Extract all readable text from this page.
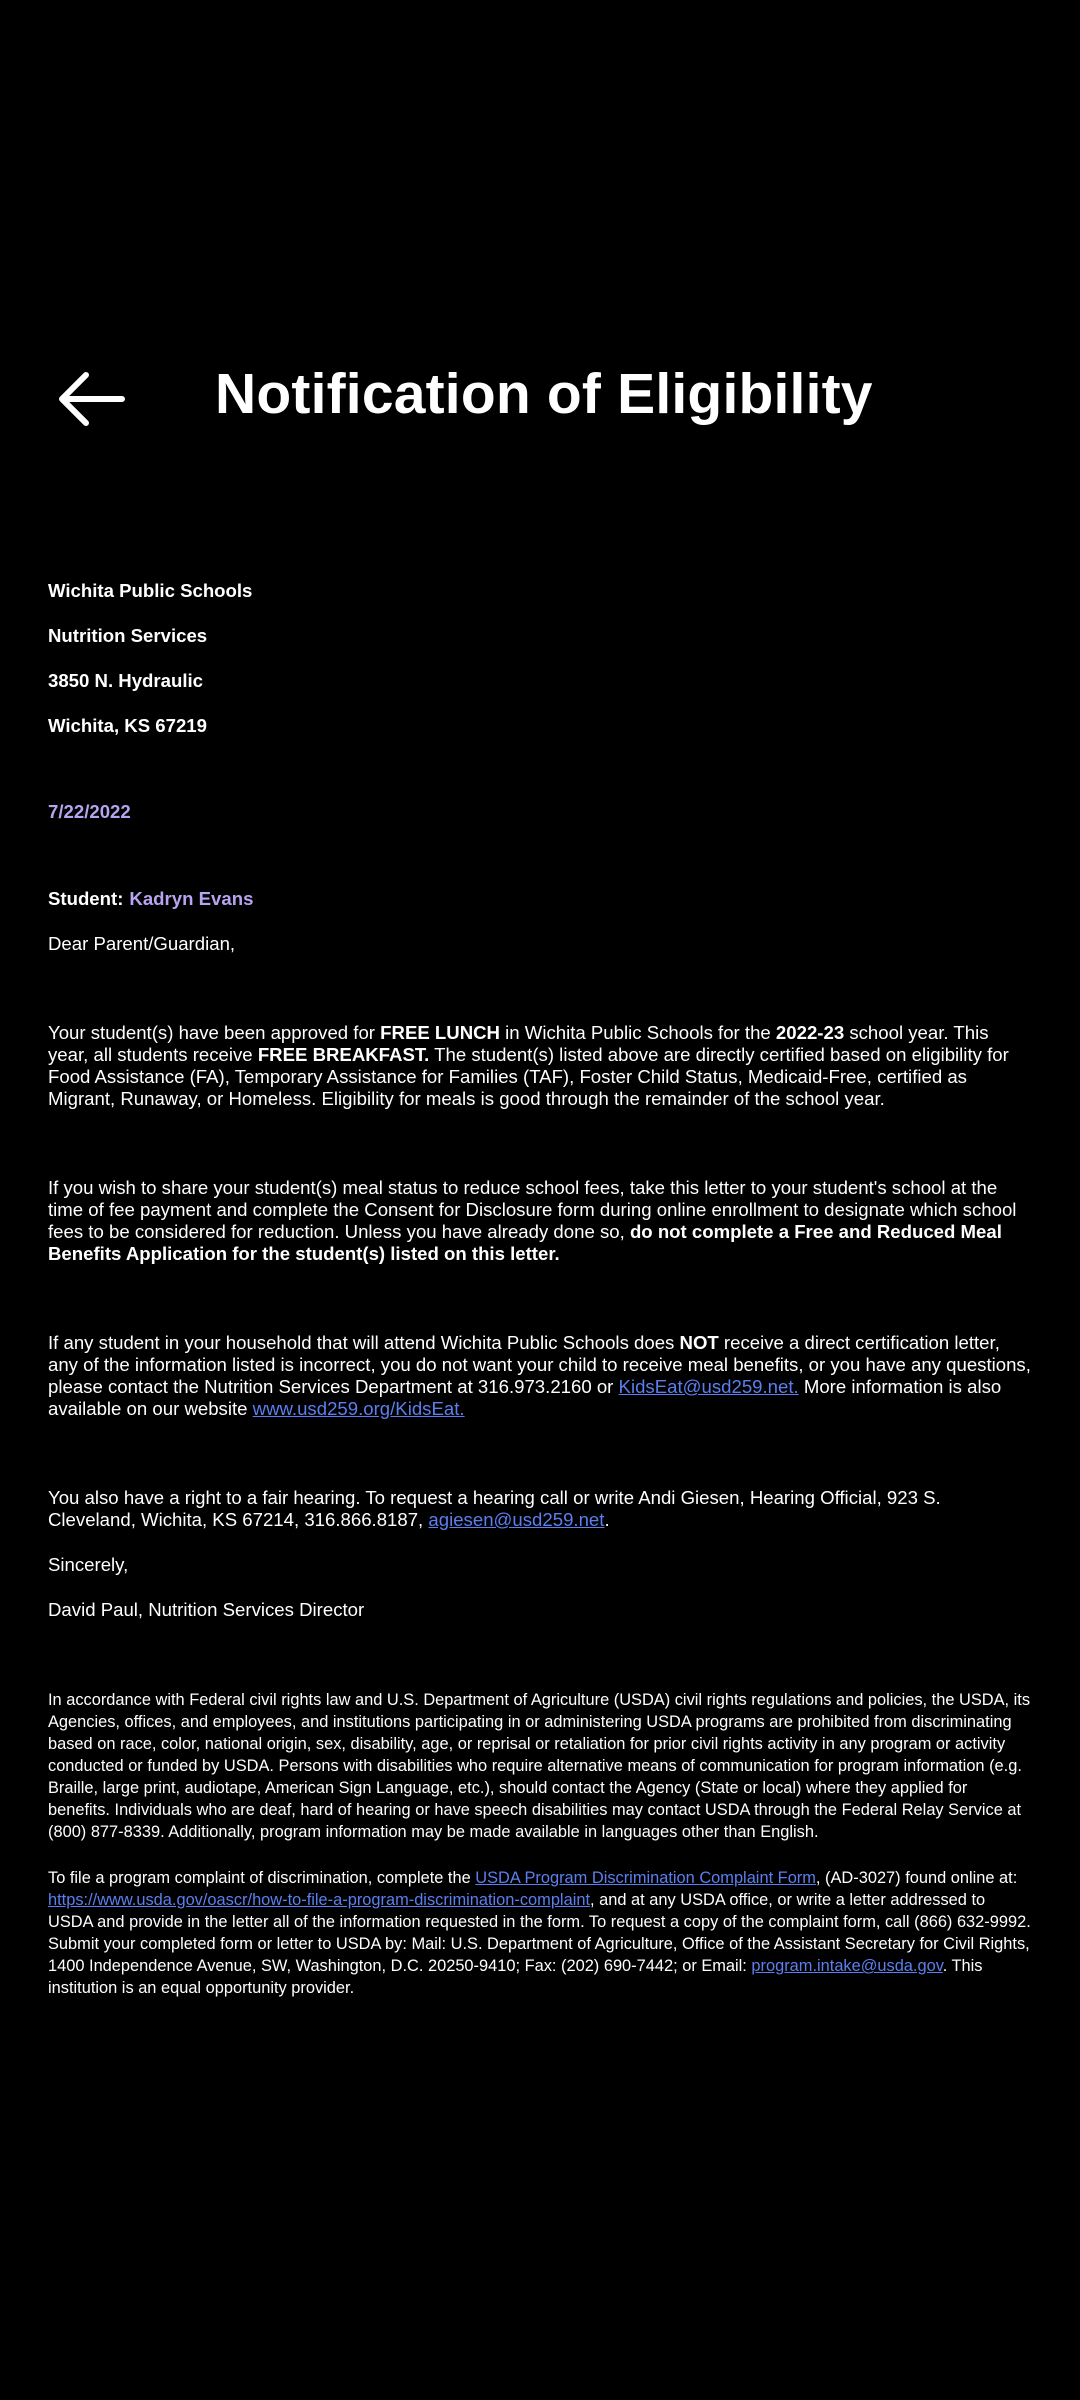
Notification of Eligibility

Wichita Public Schools

Nutrition Services

3850 N. Hydraulic

Wichita, KS 67219

7/22/2022

Student: Kadryn Evans

Dear Parent/Guardian,

Your student(s) have been approved for FREE LUNCH in Wichita Public Schools for the 2022-23 school year. This year, all students receive FREE BREAKFAST. The student(s) listed above are directly certified based on eligibility for Food Assistance (FA), Temporary Assistance for Families (TAF), Foster Child Status, Medicaid-Free, certified as Migrant, Runaway, or Homeless. Eligibility for meals is good through the remainder of the school year.

If you wish to share your student(s) meal status to reduce school fees, take this letter to your student's school at the time of fee payment and complete the Consent for Disclosure form during online enrollment to designate which school fees to be considered for reduction. Unless you have already done so, do not complete a Free and Reduced Meal Benefits Application for the student(s) listed on this letter.

If any student in your household that will attend Wichita Public Schools does NOT receive a direct certification letter, any of the information listed is incorrect, you do not want your child to receive meal benefits, or you have any questions, please contact the Nutrition Services Department at 316.973.2160 or KidsEat@usd259.net. More information is also available on our website www.usd259.org/KidsEat.

You also have a right to a fair hearing. To request a hearing call or write Andi Giesen, Hearing Official, 923 S. Cleveland, Wichita, KS 67214, 316.866.8187, agiesen@usd259.net.

Sincerely,

David Paul, Nutrition Services Director

In accordance with Federal civil rights law and U.S. Department of Agriculture (USDA) civil rights regulations and policies, the USDA, its Agencies, offices, and employees, and institutions participating in or administering USDA programs are prohibited from discriminating based on race, color, national origin, sex, disability, age, or reprisal or retaliation for prior civil rights activity in any program or activity conducted or funded by USDA. Persons with disabilities who require alternative means of communication for program information (e.g. Braille, large print, audiotape, American Sign Language, etc.), should contact the Agency (State or local) where they applied for benefits. Individuals who are deaf, hard of hearing or have speech disabilities may contact USDA through the Federal Relay Service at (800) 877-8339. Additionally, program information may be made available in languages other than English.

To file a program complaint of discrimination, complete the USDA Program Discrimination Complaint Form, (AD-3027) found online at: https://www.usda.gov/oascr/how-to-file-a-program-discrimination-complaint, and at any USDA office, or write a letter addressed to USDA and provide in the letter all of the information requested in the form. To request a copy of the complaint form, call (866) 632-9992. Submit your completed form or letter to USDA by: Mail: U.S. Department of Agriculture, Office of the Assistant Secretary for Civil Rights, 1400 Independence Avenue, SW, Washington, D.C. 20250-9410; Fax: (202) 690-7442; or Email: program.intake@usda.gov. This institution is an equal opportunity provider.
